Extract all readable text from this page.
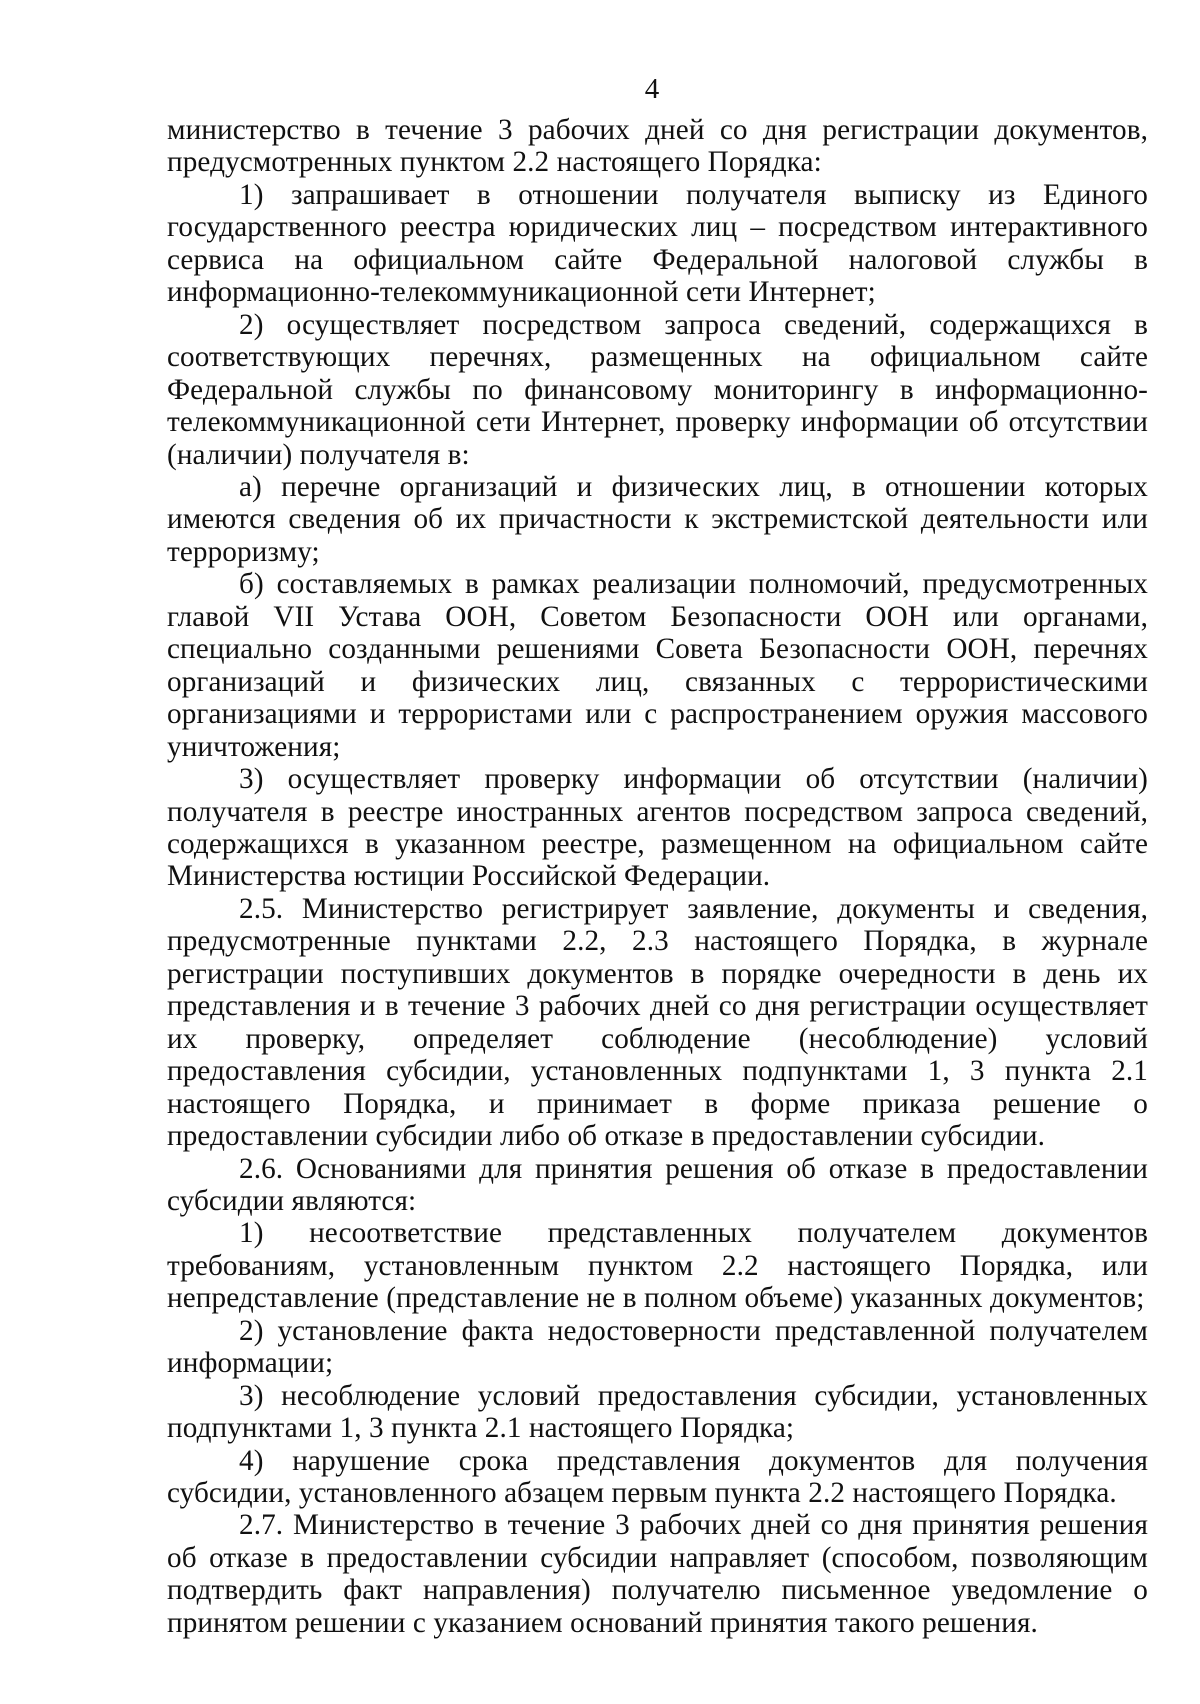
4

министерство в течение 3 рабочих дней со дня регистрации документов, предусмотренных пунктом 2.2 настоящего Порядка:

1) запрашивает в отношении получателя выписку из Единого государственного реестра юридических лиц – посредством интерактивного сервиса на официальном сайте Федеральной налоговой службы в информационно-телекоммуникационной сети Интернет;

2) осуществляет посредством запроса сведений, содержащихся в соответствующих перечнях, размещенных на официальном сайте Федеральной службы по финансовому мониторингу в информационно-телекоммуникационной сети Интернет, проверку информации об отсутствии (наличии) получателя в:

а) перечне организаций и физических лиц, в отношении которых имеются сведения об их причастности к экстремистской деятельности или терроризму;

б) составляемых в рамках реализации полномочий, предусмотренных главой VII Устава ООН, Советом Безопасности ООН или органами, специально созданными решениями Совета Безопасности ООН, перечнях организаций и физических лиц, связанных с террористическими организациями и террористами или с распространением оружия массового уничтожения;

3) осуществляет проверку информации об отсутствии (наличии) получателя в реестре иностранных агентов посредством запроса сведений, содержащихся в указанном реестре, размещенном на официальном сайте Министерства юстиции Российской Федерации.

2.5. Министерство регистрирует заявление, документы и сведения, предусмотренные пунктами 2.2, 2.3 настоящего Порядка, в журнале регистрации поступивших документов в порядке очередности в день их представления и в течение 3 рабочих дней со дня регистрации осуществляет их проверку, определяет соблюдение (несоблюдение) условий предоставления субсидии, установленных подпунктами 1, 3 пункта 2.1 настоящего Порядка, и принимает в форме приказа решение о предоставлении субсидии либо об отказе в предоставлении субсидии.

2.6. Основаниями для принятия решения об отказе в предоставлении субсидии являются:

1) несоответствие представленных получателем документов требованиям, установленным пунктом 2.2 настоящего Порядка, или непредставление (представление не в полном объеме) указанных документов;

2) установление факта недостоверности представленной получателем информации;

3) несоблюдение условий предоставления субсидии, установленных подпунктами 1, 3 пункта 2.1 настоящего Порядка;

4) нарушение срока представления документов для получения субсидии, установленного абзацем первым пункта 2.2 настоящего Порядка.

2.7. Министерство в течение 3 рабочих дней со дня принятия решения об отказе в предоставлении субсидии направляет (способом, позволяющим подтвердить факт направления) получателю письменное уведомление о принятом решении с указанием оснований принятия такого решения.
